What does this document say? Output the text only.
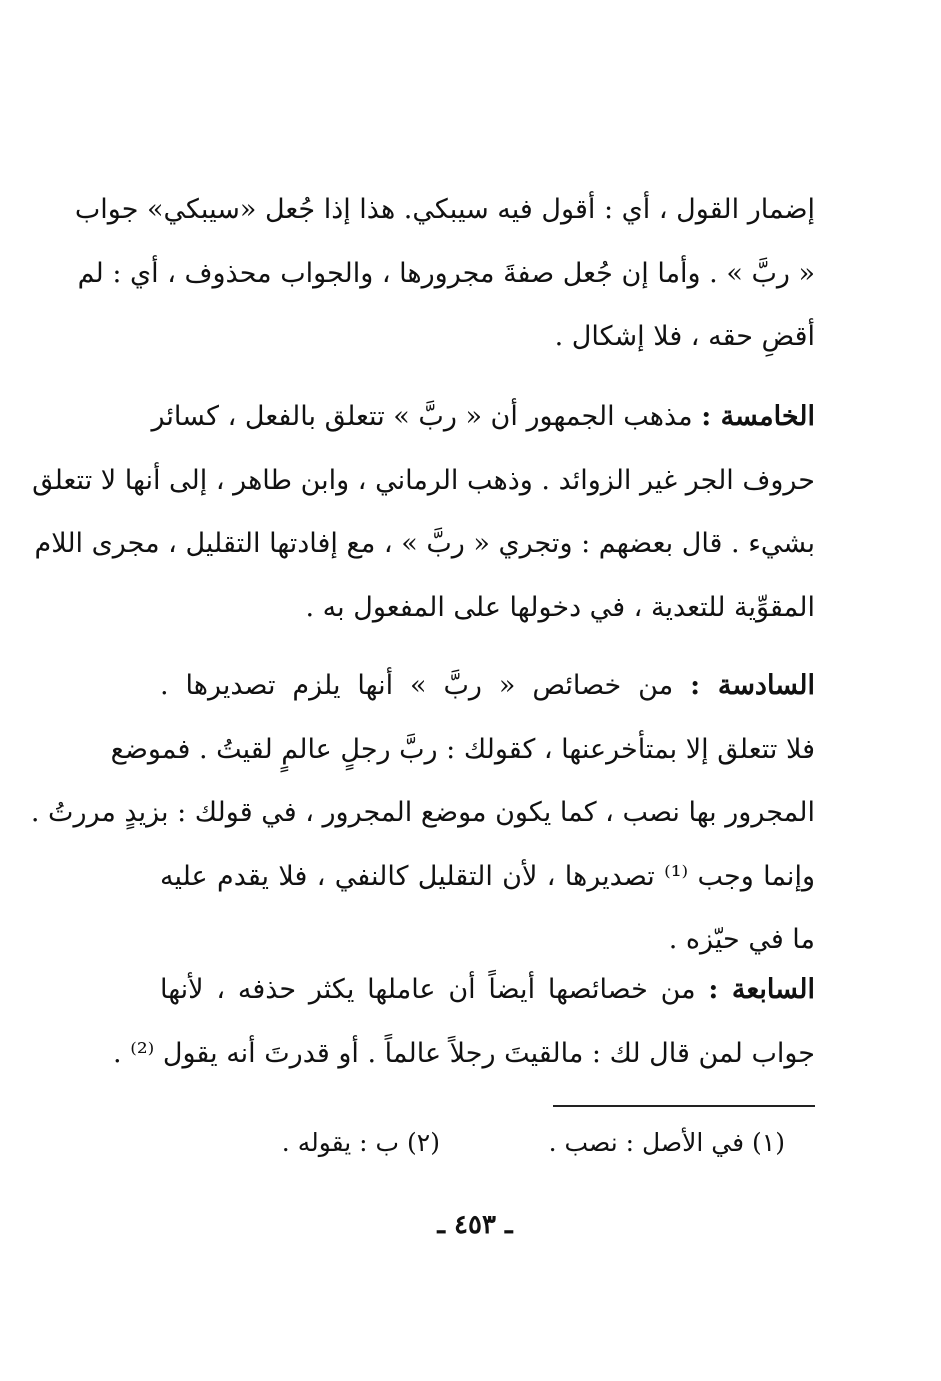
إضمار القول ، أي : أقول فيه سيبكي. هذا إذا جُعل «سيبكي» جواب
« ربَّ » . وأما إن جُعل صفةَ مجرورها ، والجواب محذوف ، أي : لم
أقضِ حقه ، فلا إشكال .
الخامسة : مذهب الجمهور أن « ربَّ » تتعلق بالفعل ، كسائر
حروف الجر غير الزوائد . وذهب الرماني ، وابن طاهر ، إلى أنها لا تتعلق
بشيء . قال بعضهم : وتجري « ربَّ » ، مع إفادتها التقليل ، مجرى اللام
المقوِّية للتعدية ، في دخولها على المفعول به .
السادسة : من خصائص « ربَّ » أنها يلزم تصديرها .
فلا تتعلق إلا بمتأخرعنها ، كقولك : ربَّ رجلٍ عالمٍ لقيتُ . فموضع
المجرور بها نصب ، كما يكون موضع المجرور ، في قولك : بزيدٍ مررتُ .
وإنما وجب ⁽¹⁾ تصديرها ، لأن التقليل كالنفي ، فلا يقدم عليه
ما في حيّزه .
السابعة : من خصائصها أيضاً أن عاملها يكثر حذفه ، لأنها
جواب لمن قال لك : مالقيتَ رجلاً عالماً . أو قدرتَ أنه يقول ⁽²⁾ .
(١) في الأصل : نصب .
(٢) ب : يقوله .
ـ ٤٥٣ ـ
